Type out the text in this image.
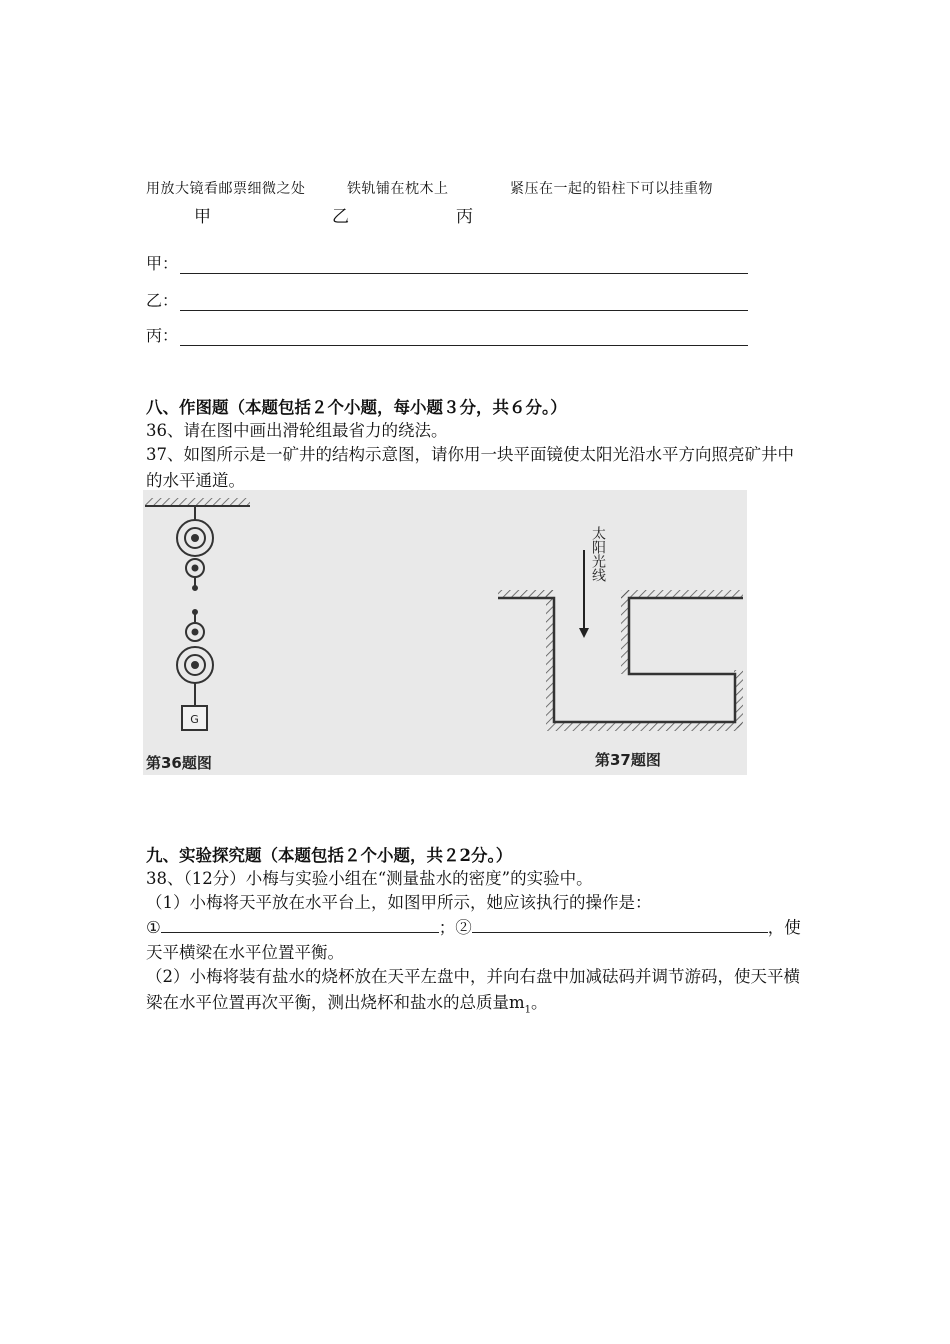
用放大镜看邮票细微之处	铁轨铺在枕木上	紧压在一起的铅柱下可以挂重物
甲	乙	丙
甲：
乙：
丙：
八、作图题（本题包括２个小题，每小题３分，共６分。）
36、请在图中画出滑轮组最省力的绕法。
37、如图所示是一矿井的结构示意图，请你用一块平面镜使太阳光沿水平方向照亮矿井中的水平通道。
G
第36题图
太阳光线
第37题图
九、实验探究题（本题包括２个小题，共２2分。）
38、（12分）小梅与实验小组在“测量盐水的密度”的实验中。
（1）小梅将天平放在水平台上，如图甲所示，她应该执行的操作是：
①	；②	，使
天平横梁在水平位置平衡。
（2）小梅将装有盐水的烧杯放在天平左盘中，并向右盘中加减砝码并调节游码，使天平横梁在水平位置再次平衡，测出烧杯和盐水的总质量$m_1$。
